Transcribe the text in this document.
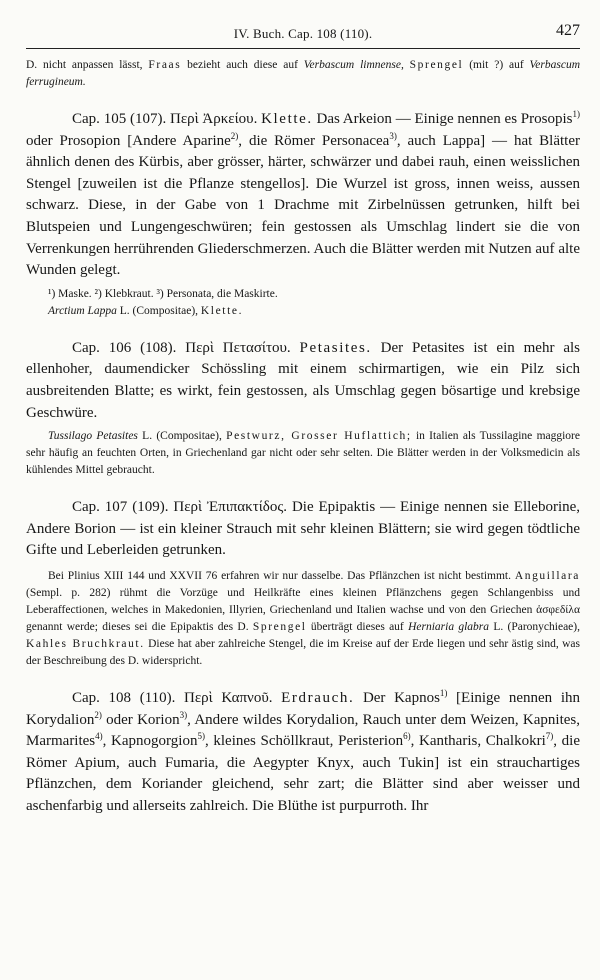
IV. Buch. Cap. 108 (110).	427

D. nicht anpassen lässt, Fraas bezieht auch diese auf Verbascum limnense, Sprengel (mit ?) auf Verbascum ferrugineum.

Cap. 105 (107). Περὶ Ἀρκείου. Klette. Das Arkeion — Einige nennen es Prosopis$^{1)}$ oder Prosopion [Andere Aparine$^{2)}$, die Römer Personacea$^{3)}$, auch Lappa] — hat Blätter ähnlich denen des Kürbis, aber grösser, härter, schwärzer und dabei rauh, einen weisslichen Stengel [zuweilen ist die Pflanze stengellos]. Die Wurzel ist gross, innen weiss, aussen schwarz. Diese, in der Gabe von 1 Drachme mit Zirbelnüssen getrunken, hilft bei Blutspeien und Lungengeschwüren; fein gestossen als Umschlag lindert sie die von Verrenkungen herrührenden Gliederschmerzen. Auch die Blätter werden mit Nutzen auf alte Wunden gelegt.

¹) Maske. ²) Klebkraut. ³) Personata, die Maskirte.
Arctium Lappa L. (Compositae), Klette.

Cap. 106 (108). Περὶ Πετασίτου. Petasites. Der Petasites ist ein mehr als ellenhoher, daumendicker Schössling mit einem schirmartigen, wie ein Pilz sich ausbreitenden Blatte; es wirkt, fein gestossen, als Umschlag gegen bösartige und krebsige Geschwüre.

Tussilago Petasites L. (Compositae), Pestwurz, Grosser Huflattich; in Italien als Tussilagine maggiore sehr häufig an feuchten Orten, in Griechenland gar nicht oder sehr selten. Die Blätter werden in der Volksmedicin als kühlendes Mittel gebraucht.

Cap. 107 (109). Περὶ Ἐπιπακτίδος. Die Epipaktis — Einige nennen sie Elleborine, Andere Borion — ist ein kleiner Strauch mit sehr kleinen Blättern; sie wird gegen tödtliche Gifte und Leberleiden getrunken.

Bei Plinius XIII 144 und XXVII 76 erfahren wir nur dasselbe. Das Pflänzchen ist nicht bestimmt. Anguillara (Sempl. p. 282) rühmt die Vorzüge und Heilkräfte eines kleinen Pflänzchens gegen Schlangenbiss und Leberaffectionen, welches in Makedonien, Illyrien, Griechenland und Italien wachse und von den Griechen ἀσφεδίλα genannt werde; dieses sei die Epipaktis des D. Sprengel überträgt dieses auf Herniaria glabra L. (Paronychieae), Kahles Bruchkraut. Diese hat aber zahlreiche Stengel, die im Kreise auf der Erde liegen und sehr ästig sind, was der Beschreibung des D. widerspricht.

Cap. 108 (110). Περὶ Καπνοῦ. Erdrauch. Der Kapnos$^{1)}$ [Einige nennen ihn Korydalion$^{2)}$ oder Korion$^{3)}$, Andere wildes Korydalion, Rauch unter dem Weizen, Kapnites, Marmarites$^{4)}$, Kapnogorgion$^{5)}$, kleines Schöllkraut, Peristerion$^{6)}$, Kantharis, Chalkokri$^{7)}$, die Römer Apium, auch Fumaria, die Aegypter Knyx, auch Tukin] ist ein strauchartiges Pflänzchen, dem Koriander gleichend, sehr zart; die Blätter sind aber weisser und aschenfarbig und allerseits zahlreich. Die Blüthe ist purpurroth. Ihr
